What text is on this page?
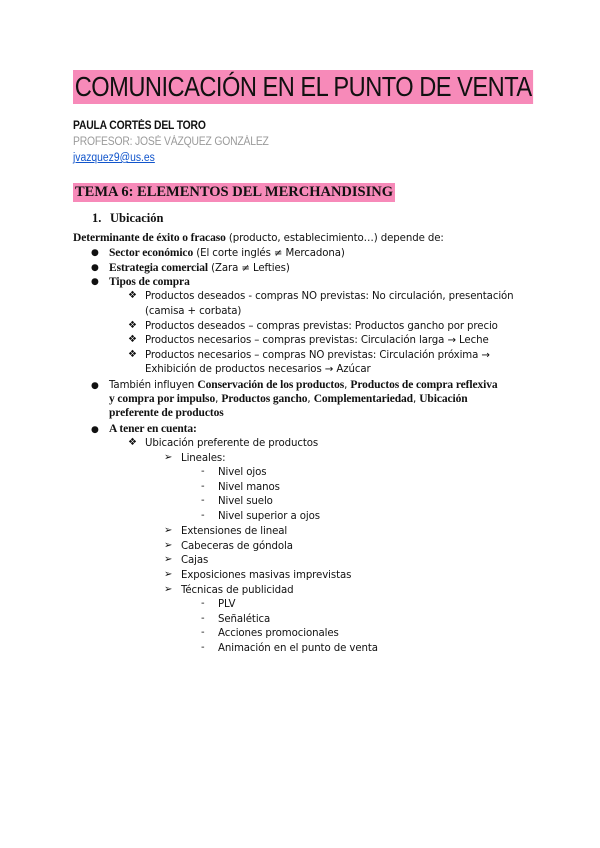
COMUNICACIÓN EN EL PUNTO DE VENTA
PAULA CORTÉS DEL TORO
PROFESOR: JOSÉ VÁZQUEZ GONZÁLEZ
jvazquez9@us.es
TEMA 6: ELEMENTOS DEL MERCHANDISING
1. Ubicación
Determinante de éxito o fracaso (producto, establecimiento…) depende de:
● Sector económico (El corte inglés ≠ Mercadona)
● Estrategia comercial (Zara ≠ Lefties)
● Tipos de compra
❖ Productos deseados - compras NO previstas: No circulación, presentación
(camisa + corbata)
❖ Productos deseados – compras previstas: Productos gancho por precio
❖ Productos necesarios – compras previstas: Circulación larga → Leche
❖ Productos necesarios – compras NO previstas: Circulación próxima →
Exhibición de productos necesarios → Azúcar
● También influyen Conservación de los productos, Productos de compra reflexiva
y compra por impulso, Productos gancho, Complementariedad, Ubicación
preferente de productos
● A tener en cuenta:
❖ Ubicación preferente de productos
➢ Lineales:
- Nivel ojos
- Nivel manos
- Nivel suelo
- Nivel superior a ojos
➢ Extensiones de lineal
➢ Cabeceras de góndola
➢ Cajas
➢ Exposiciones masivas imprevistas
➢ Técnicas de publicidad
- PLV
- Señalética
- Acciones promocionales
- Animación en el punto de venta
